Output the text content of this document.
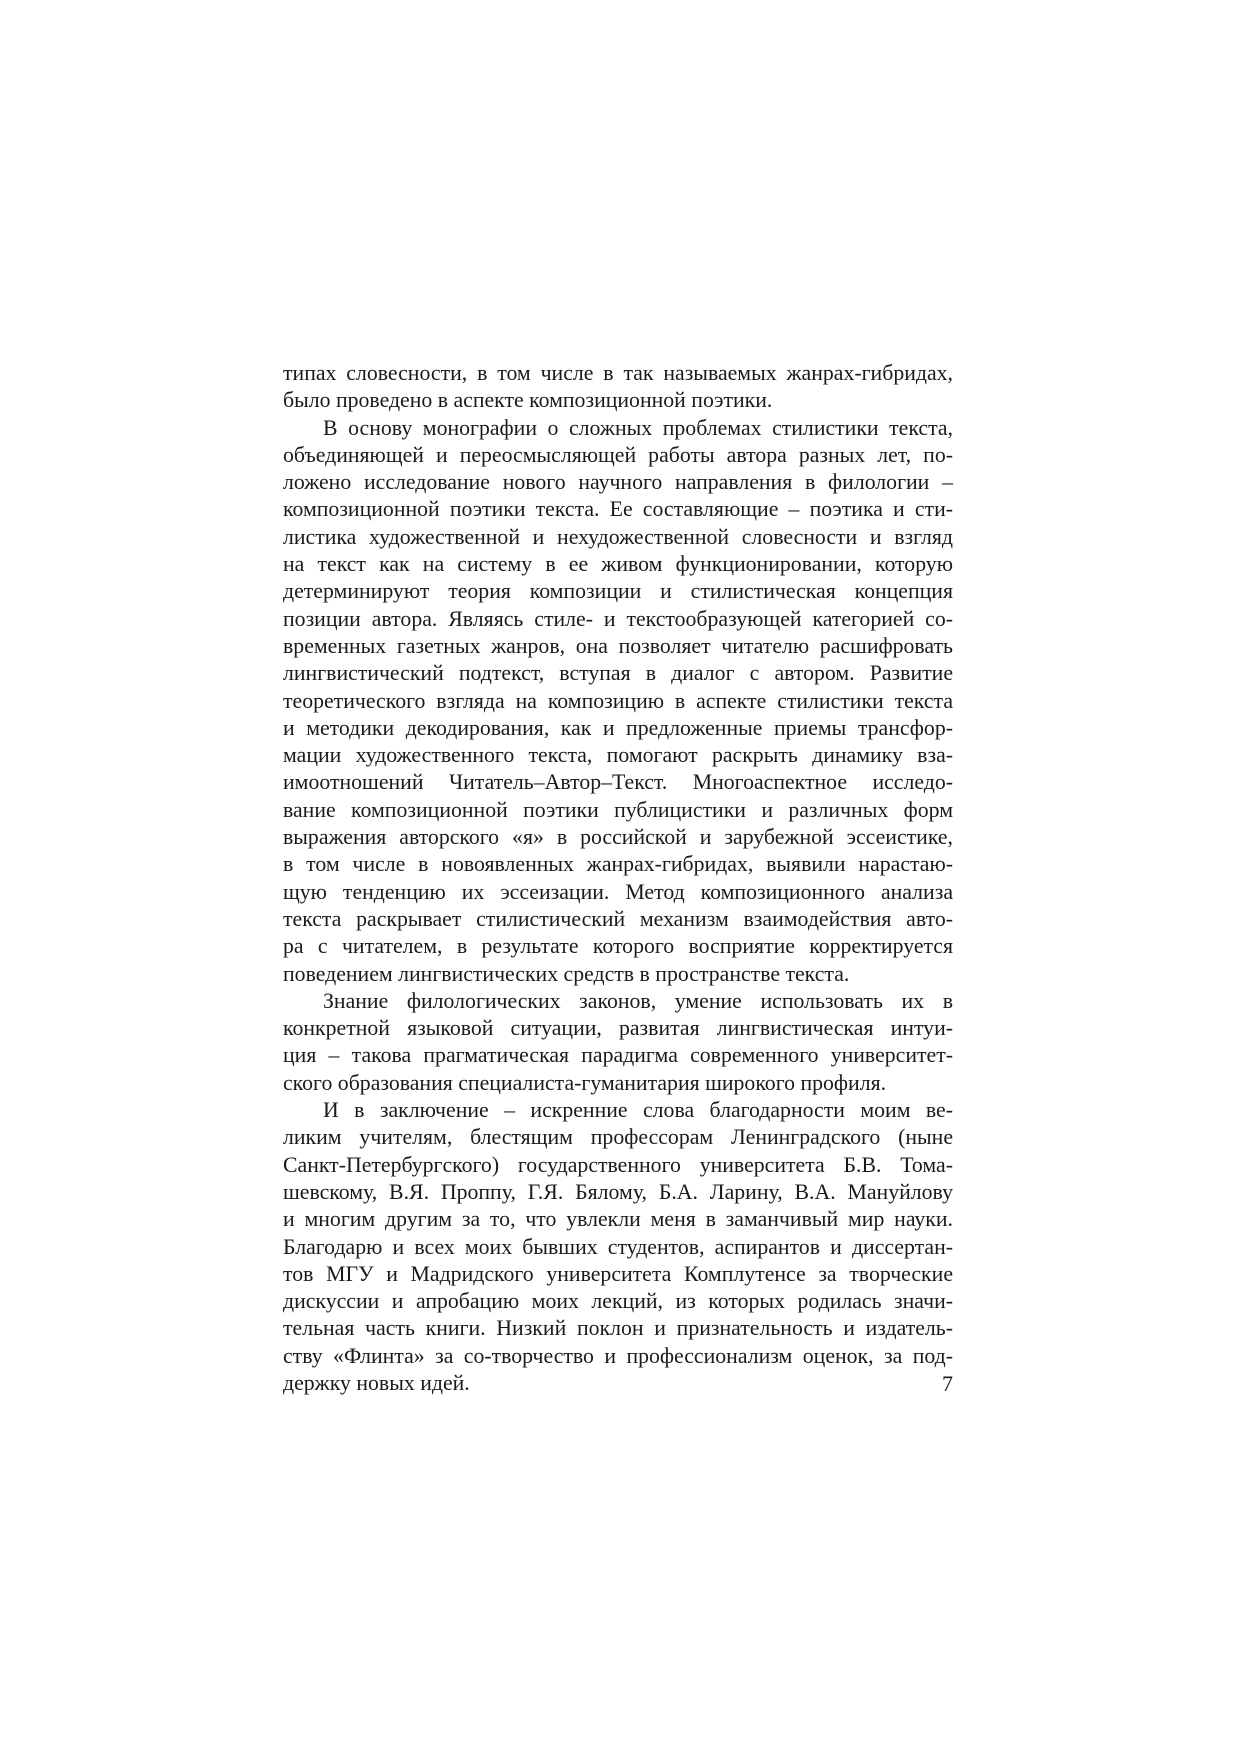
типах словесности, в том числе в так называемых жанрах-гибридах,
было проведено в аспекте композиционной поэтики.

В основу монографии о сложных проблемах стилистики текста,
объединяющей и переосмысляющей работы автора разных лет, по-
ложено исследование нового научного направления в филологии –
композиционной поэтики текста. Ее составляющие – поэтика и сти-
листика художественной и нехудожественной словесности и взгляд
на текст как на систему в ее живом функционировании, которую
детерминируют теория композиции и стилистическая концепция
позиции автора. Являясь стиле- и текстообразующей категорией со-
временных газетных жанров, она позволяет читателю расшифровать
лингвистический подтекст, вступая в диалог с автором. Развитие
теоретического взгляда на композицию в аспекте стилистики текста
и методики декодирования, как и предложенные приемы трансфор-
мации художественного текста, помогают раскрыть динамику вза-
имоотношений Читатель–Автор–Текст. Многоаспектное исследо-
вание композиционной поэтики публицистики и различных форм
выражения авторского «я» в российской и зарубежной эссеистике,
в том числе в новоявленных жанрах-гибридах, выявили нарастаю-
щую тенденцию их эссеизации. Метод композиционного анализа
текста раскрывает стилистический механизм взаимодействия авто-
ра с читателем, в результате которого восприятие корректируется
поведением лингвистических средств в пространстве текста.

Знание филологических законов, умение использовать их в
конкретной языковой ситуации, развитая лингвистическая интуи-
ция – такова прагматическая парадигма современного университет-
ского образования специалиста-гуманитария широкого профиля.

И в заключение – искренние слова благодарности моим ве-
ликим учителям, блестящим профессорам Ленинградского (ныне
Санкт-Петербургского) государственного университета Б.В. Тома-
шевскому, В.Я. Проппу, Г.Я. Бялому, Б.А. Ларину, В.А. Мануйлову
и многим другим за то, что увлекли меня в заманчивый мир науки.
Благодарю и всех моих бывших студентов, аспирантов и диссертан-
тов МГУ и Мадридского университета Комплутенсе за творческие
дискуссии и апробацию моих лекций, из которых родилась значи-
тельная часть книги. Низкий поклон и признательность и издатель-
ству «Флинта» за со-творчество и профессионализм оценок, за под-
держку новых идей.	7
